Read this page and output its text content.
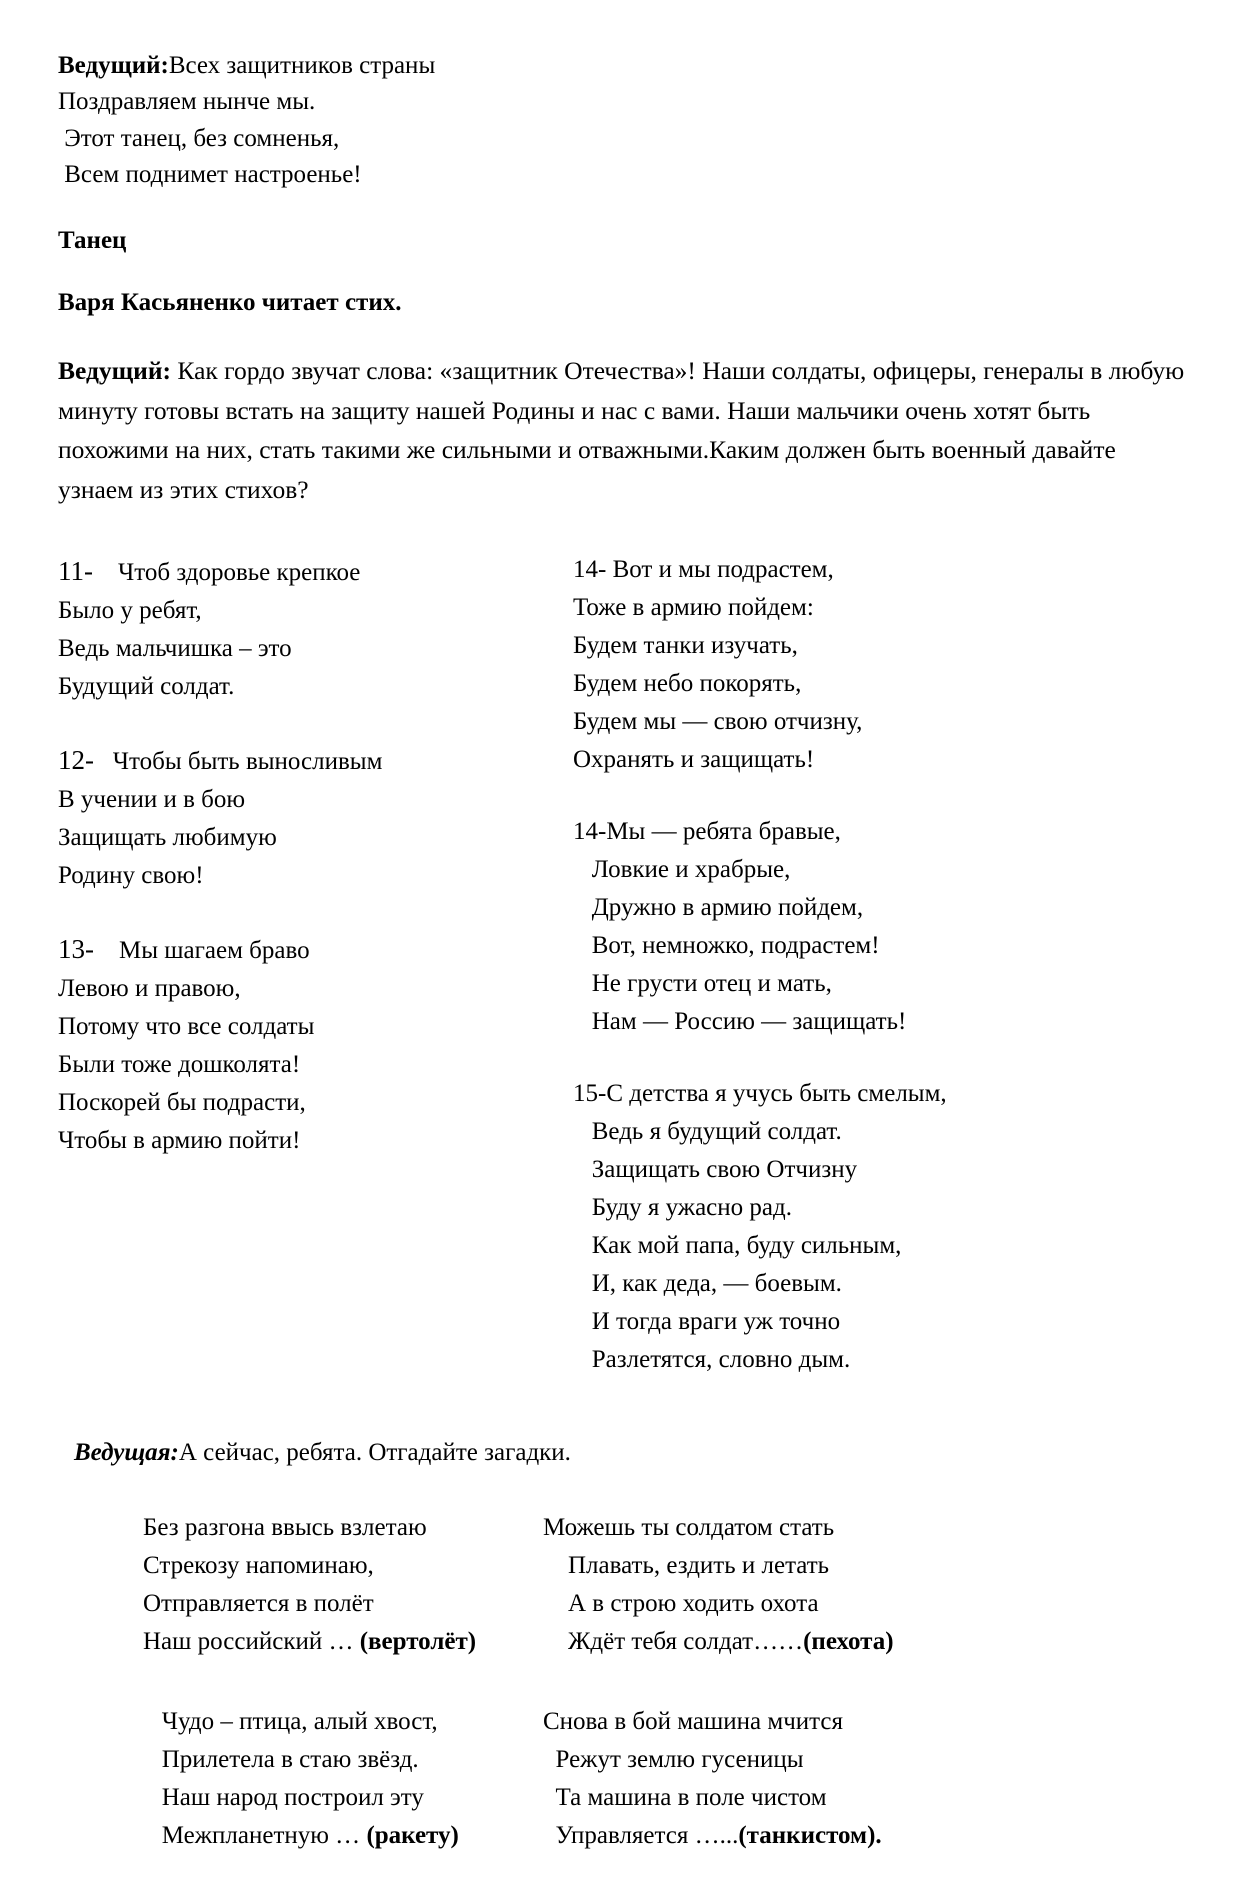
Ведущий:Всех защитников страны
Поздравляем нынче мы.
Этот танец, без сомненья,
Всем поднимет настроенье!

Танец

Варя Касьяненко читает стих.

Ведущий: Как гордо звучат слова: «защитник Отечества»! Наши солдаты, офицеры, генералы в любую минуту готовы встать на защиту нашей Родины и нас с вами. Наши мальчики очень хотят быть похожими на них, стать такими же сильными и отважными.Каким должен быть военный давайте узнаем из этих стихов?

11-    Чтоб здоровье крепкое
Было у ребят,
Ведь мальчишка – это
Будущий солдат.

12-   Чтобы быть выносливым
В учении и в бою
Защищать любимую
Родину свою!

13-    Мы шагаем браво
Левою и правою,
Потому что все солдаты
Были тоже дошколята!
Поскорей бы подрасти,
Чтобы в армию пойти!

14- Вот и мы подрастем,
Тоже в армию пойдем:
Будем танки изучать,
Будем небо покорять,
Будем мы — свою отчизну,
Охранять и защищать!

14-Мы — ребята бравые,
Ловкие и храбрые,
Дружно в армию пойдем,
Вот, немножко, подрастем!
Не грусти отец и мать,
Нам — Россию — защищать!

15-С детства я учусь быть смелым,
Ведь я будущий солдат.
Защищать свою Отчизну
Буду я ужасно рад.
Как мой папа, буду сильным,
И, как деда, — боевым.
И тогда враги уж точно
Разлетятся, словно дым.

Ведущая:А сейчас, ребята. Отгадайте загадки.

Без разгона ввысь взлетаю
Стрекозу напоминаю,
Отправляется в полёт
Наш российский … (вертолёт)

Чудо – птица, алый хвост,
Прилетела в стаю звёзд.
Наш народ построил эту
Межпланетную … (ракету)

Можешь ты солдатом стать
Плавать, ездить и летать
А в строю ходить охота
Ждёт тебя солдат……(пехота)

Снова в бой машина мчится
Режут землю гусеницы
Та машина в поле чистом
Управляется …...(танкистом).
